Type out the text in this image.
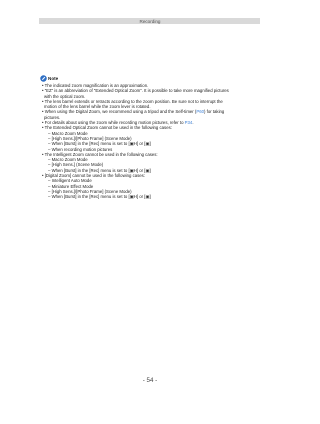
Recording
Note
• The indicated zoom magnification is an approximation.
• “EZ” is an abbreviation of “Extended Optical Zoom”. It is possible to take more magnified pictures
with the optical zoom.
• The lens barrel extends or retracts according to the zoom position. Be sure not to interrupt the
motion of the lens barrel while the zoom lever is rotated.
• When using the Digital Zoom, we recommend using a tripod and the Self-timer (P60) for taking
pictures.
• For details about using the zoom while recording motion pictures, refer to P34.
• The Extended Optical Zoom cannot be used in the following cases:
– Macro Zoom Mode
– [High Sens.]/[Photo Frame] (Scene Mode)
– When [Burst] in the [Rec] menu is set to [▣H] or [▣]
– When recording motion pictures
• The Intelligent Zoom cannot be used in the following cases:
– Macro Zoom Mode
– [High Sens.] (Scene Mode)
– When [Burst] in the [Rec] menu is set to [▣H] or [▣]
• [Digital Zoom] cannot be used in the following cases:
– Intelligent Auto Mode
– Miniature Effect Mode
– [High Sens.]/[Photo Frame] (Scene Mode)
– When [Burst] in the [Rec] menu is set to [▣H] or [▣]
- 54 -
